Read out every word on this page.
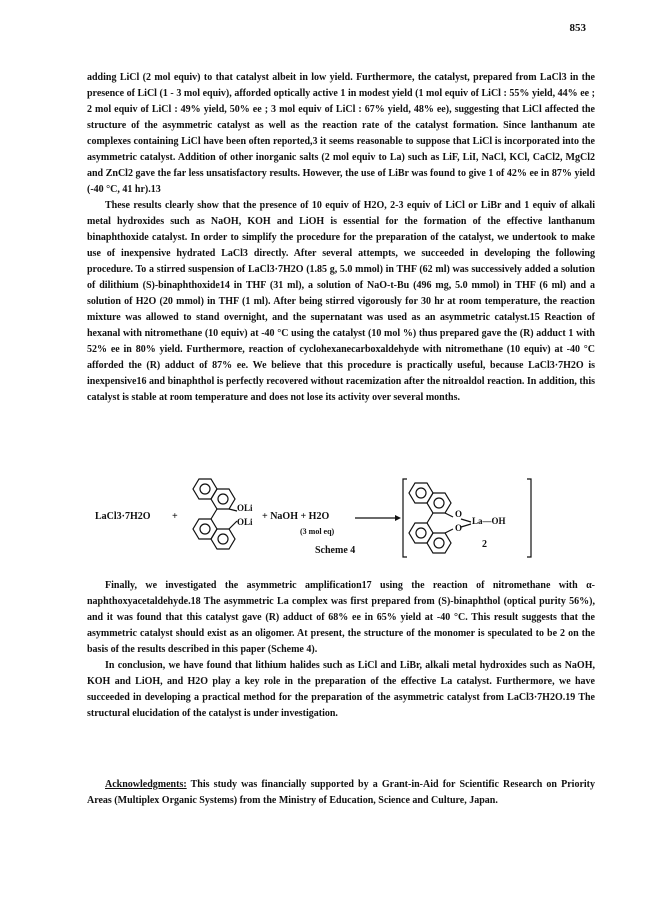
853

adding LiCl (2 mol equiv) to that catalyst albeit in low yield. Furthermore, the catalyst, prepared from LaCl3 in the presence of LiCl (1 - 3 mol equiv), afforded optically active 1 in modest yield (1 mol equiv of LiCl : 55% yield, 44% ee ; 2 mol equiv of LiCl : 49% yield, 50% ee ; 3 mol equiv of LiCl : 67% yield, 48% ee), suggesting that LiCl affected the structure of the asymmetric catalyst as well as the reaction rate of the catalyst formation. Since lanthanum ate complexes containing LiCl have been often reported,3 it seems reasonable to suppose that LiCl is incorporated into the asymmetric catalyst. Addition of other inorganic salts (2 mol equiv to La) such as LiF, LiI, NaCl, KCl, CaCl2, MgCl2 and ZnCl2 gave the far less unsatisfactory results. However, the use of LiBr was found to give 1 of 42% ee in 87% yield (-40 °C, 41 hr).13

These results clearly show that the presence of 10 equiv of H2O, 2-3 equiv of LiCl or LiBr and 1 equiv of alkali metal hydroxides such as NaOH, KOH and LiOH is essential for the formation of the effective lanthanum binaphthoxide catalyst. In order to simplify the procedure for the preparation of the catalyst, we undertook to make use of inexpensive hydrated LaCl3 directly. After several attempts, we succeeded in developing the following procedure. To a stirred suspension of LaCl3·7H2O (1.85 g, 5.0 mmol) in THF (62 ml) was successively added a solution of dilithium (S)-binaphthoxide14 in THF (31 ml), a solution of NaO-t-Bu (496 mg, 5.0 mmol) in THF (6 ml) and a solution of H2O (20 mmol) in THF (1 ml). After being stirred vigorously for 30 hr at room temperature, the reaction mixture was allowed to stand overnight, and the supernatant was used as an asymmetric catalyst.15 Reaction of hexanal with nitromethane (10 equiv) at -40 °C using the catalyst (10 mol %) thus prepared gave the (R) adduct 1 with 52% ee in 80% yield. Furthermore, reaction of cyclohexanecarboxaldehyde with nitromethane (10 equiv) at -40 °C afforded the (R) adduct of 87% ee. We believe that this procedure is practically useful, because LaCl3·7H2O is inexpensive16 and binaphthol is perfectly recovered without racemization after the nitroaldol reaction. In addition, this catalyst is stable at room temperature and does not lose its activity over several months.

LaCl3·7H2O +
OLi
OLi + NaOH + H2O
(3 mol eq)
O
O
La—OH
2
Scheme 4

Finally, we investigated the asymmetric amplification17 using the reaction of nitromethane with α-naphthoxyacetaldehyde.18 The asymmetric La complex was first prepared from (S)-binaphthol (optical purity 56%), and it was found that this catalyst gave (R) adduct of 68% ee in 65% yield at -40 °C. This result suggests that the asymmetric catalyst should exist as an oligomer. At present, the structure of the monomer is speculated to be 2 on the basis of the results described in this paper (Scheme 4).

In conclusion, we have found that lithium halides such as LiCl and LiBr, alkali metal hydroxides such as NaOH, KOH and LiOH, and H2O play a key role in the preparation of the effective La catalyst. Furthermore, we have succeeded in developing a practical method for the preparation of the asymmetric catalyst from LaCl3·7H2O.19 The structural elucidation of the catalyst is under investigation.

Acknowledgments: This study was financially supported by a Grant-in-Aid for Scientific Research on Priority Areas (Multiplex Organic Systems) from the Ministry of Education, Science and Culture, Japan.
